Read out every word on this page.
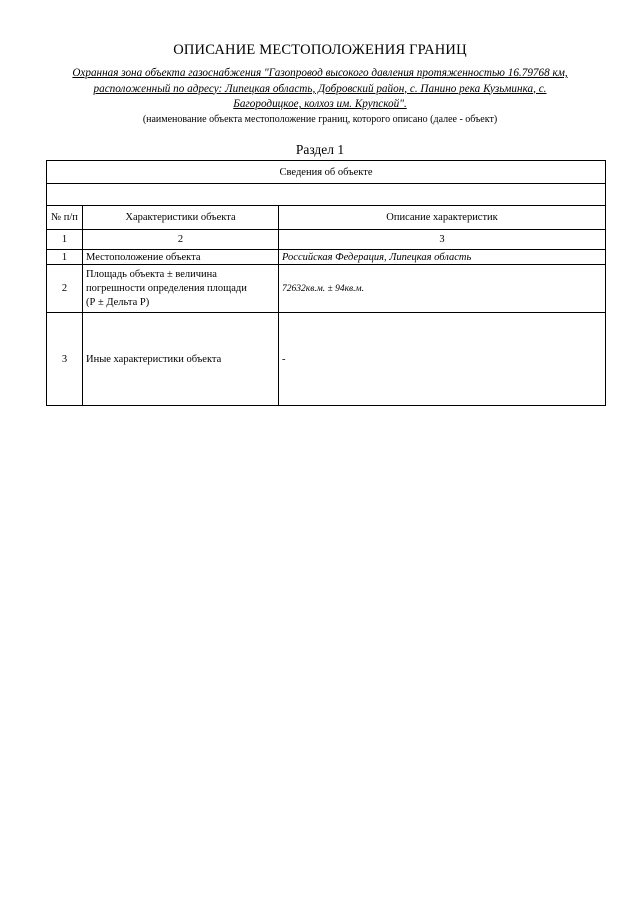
ОПИСАНИЕ МЕСТОПОЛОЖЕНИЯ ГРАНИЦ
Охранная зона объекта газоснабжения "Газопровод высокого давления протяженностью 16.79768 км,
расположенный по адресу: Липецкая область, Добровский район, с. Панино река Кузьминка, с.
Багородицкое, колхоз им. Крупской".
(наименование объекта местоположение границ, которого описано (далее - объект)
Раздел 1
Сведения об объекте		

№ п/п	Характеристики объекта	Описание характеристик
1	2	3
1	Местоположение объекта	Российская Федерация, Липецкая область
2	Площадь объекта ± величина
погрешности определения площади
(Р ± Дельта Р)	72632кв.м. ± 94кв.м.
3	Иные характеристики объекта	-
